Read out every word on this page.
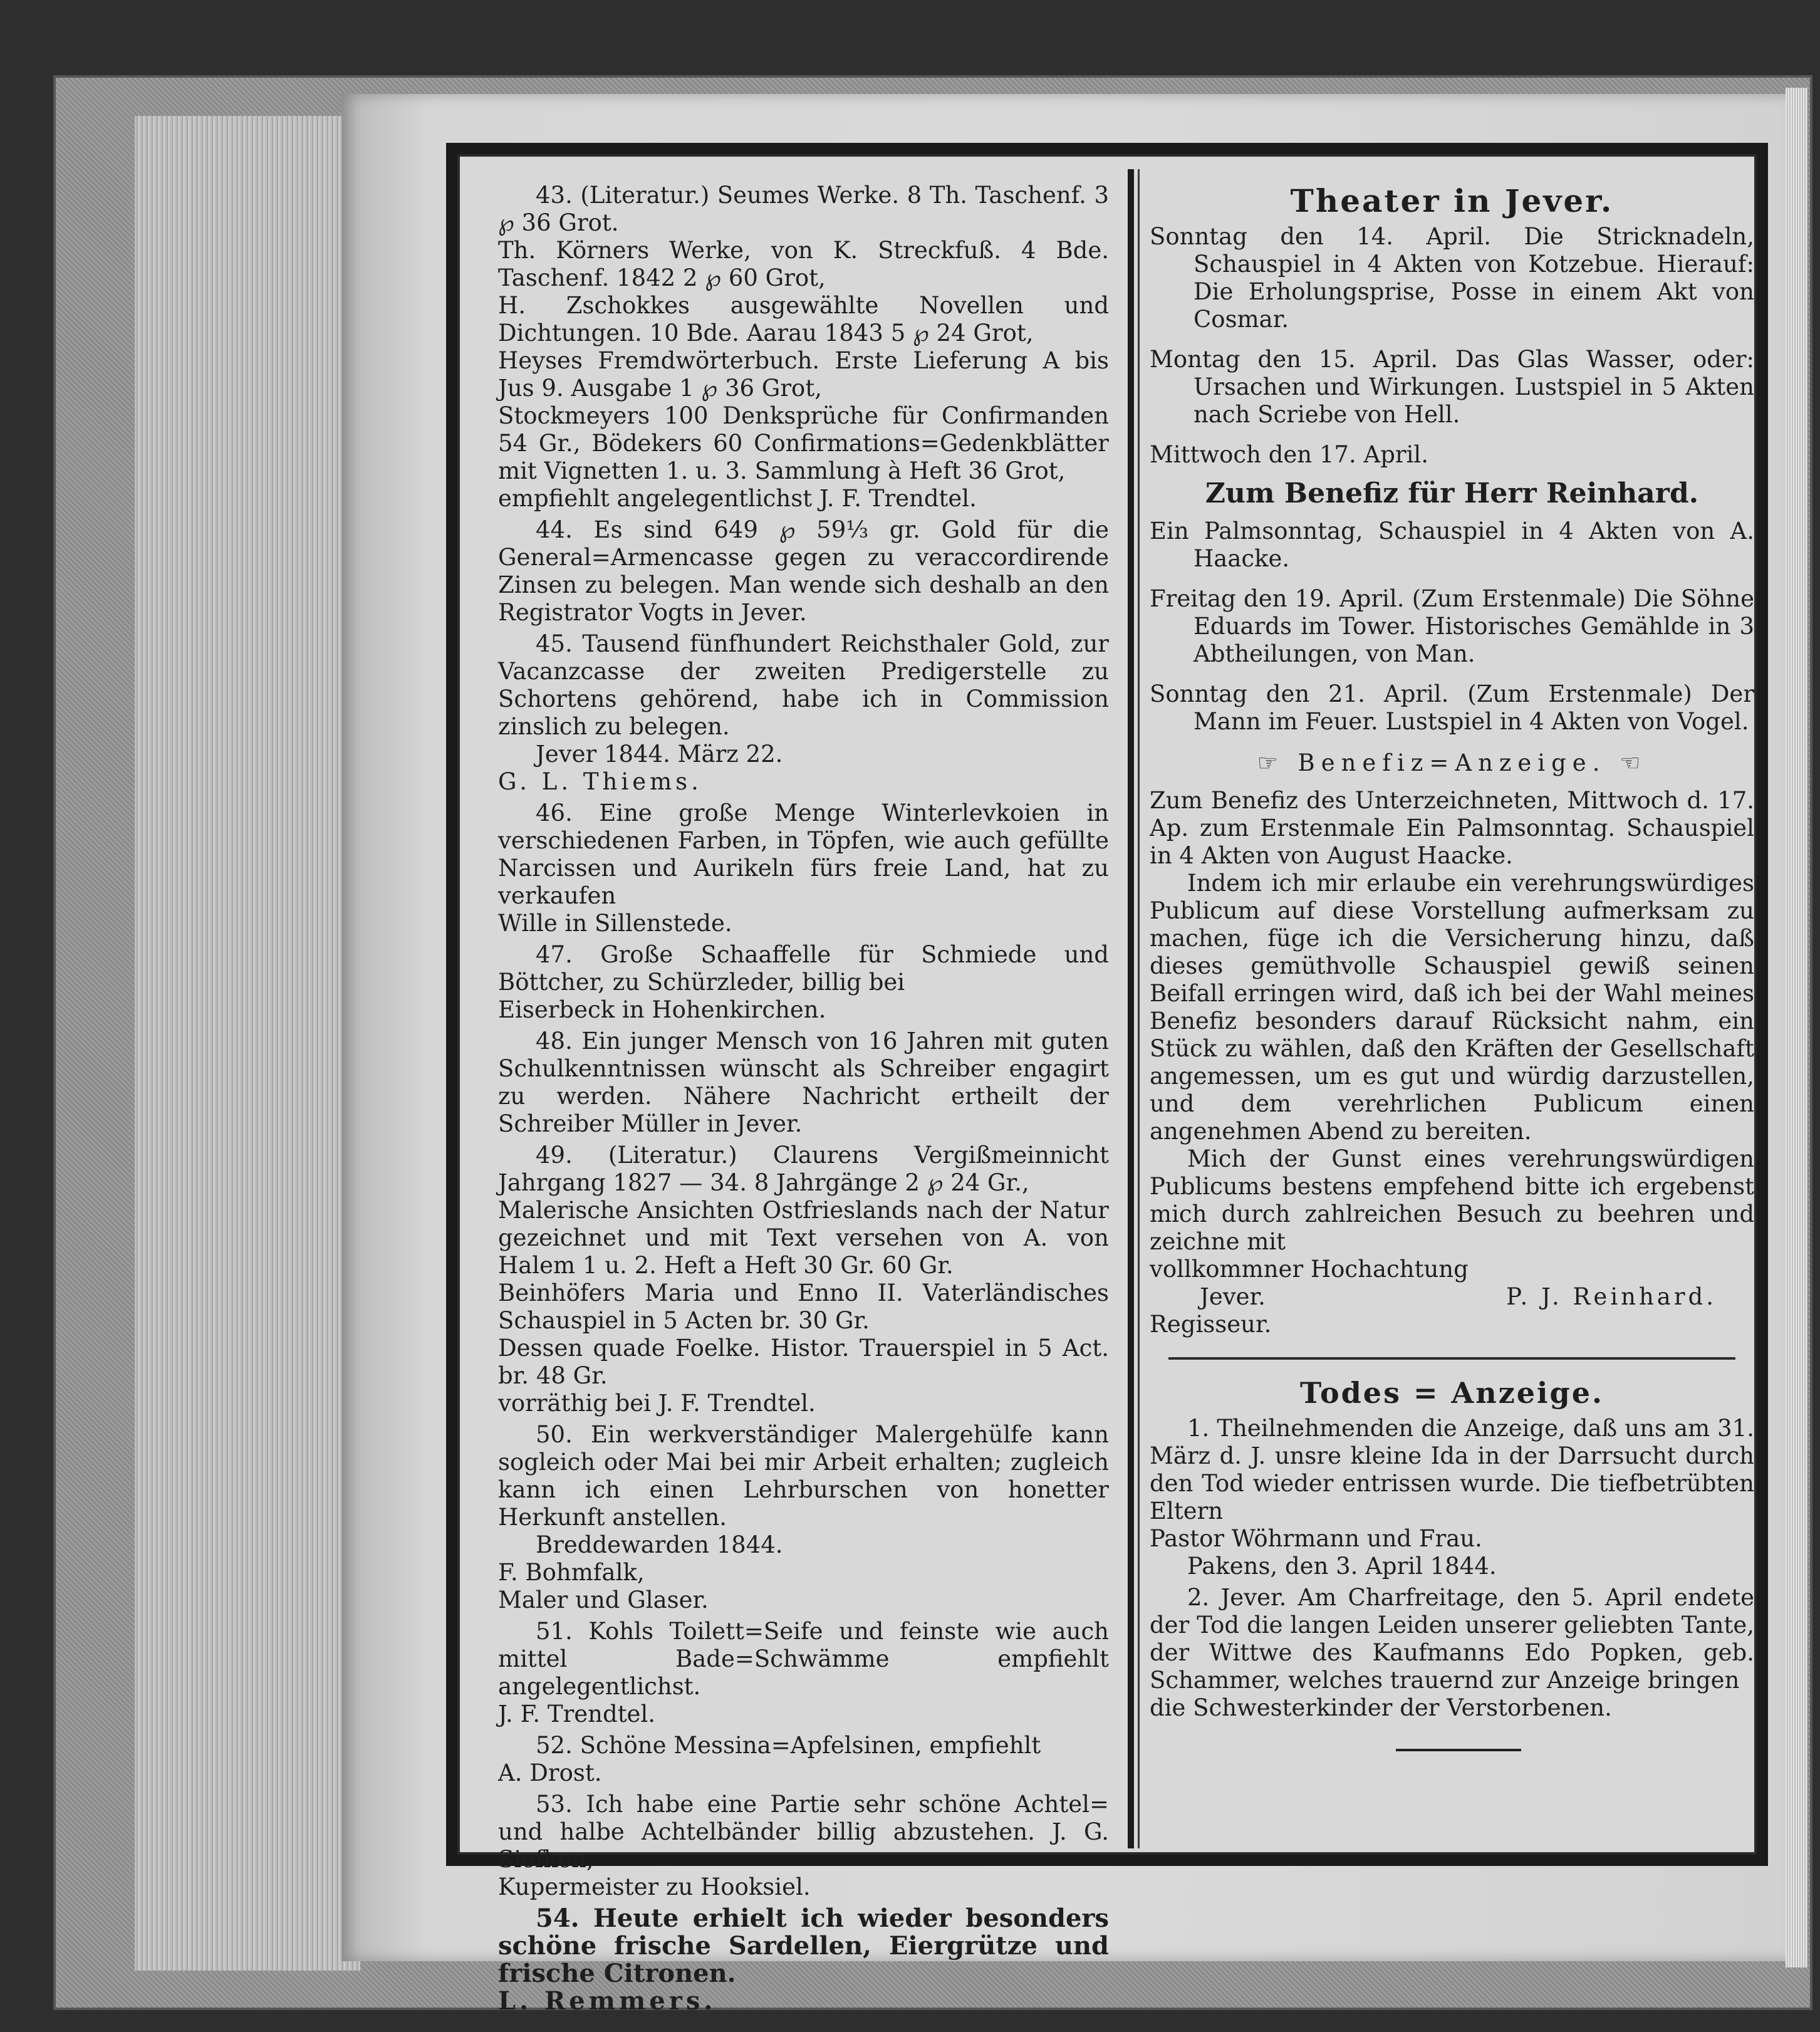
43. (Literatur.) Seumes Werke. 8 Th. Taschenf. 3 ℘ 36 Grot.

Th. Körners Werke, von K. Streckfuß. 4 Bde. Taschenf. 1842 2 ℘ 60 Grot,

H. Zschokkes ausgewählte Novellen und Dichtungen. 10 Bde. Aarau 1843 5 ℘ 24 Grot,

Heyses Fremdwörterbuch. Erste Lieferung A bis Jus 9. Ausgabe 1 ℘ 36 Grot,

Stockmeyers 100 Denksprüche für Confirmanden 54 Gr., Bödekers 60 Confirmations=Gedenkblätter mit Vignetten 1. u. 3. Sammlung à Heft 36 Grot,

empfiehlt angelegentlichst J. F. Trendtel.

44. Es sind 649 ℘ 59⅓ gr. Gold für die General=Armencasse gegen zu veraccordirende Zinsen zu belegen. Man wende sich deshalb an den Registrator Vogts in Jever.

45. Tausend fünfhundert Reichsthaler Gold, zur Vacanzcasse der zweiten Predigerstelle zu Schortens gehörend, habe ich in Commission zinslich zu belegen.

Jever 1844. März 22.

G. L. Thiems.

46. Eine große Menge Winterlevkoien in verschiedenen Farben, in Töpfen, wie auch gefüllte Narcissen und Aurikeln fürs freie Land, hat zu verkaufen

Wille in Sillenstede.

47. Große Schaaffelle für Schmiede und Böttcher, zu Schürzleder, billig bei

Eiserbeck in Hohenkirchen.

48. Ein junger Mensch von 16 Jahren mit guten Schulkenntnissen wünscht als Schreiber engagirt zu werden. Nähere Nachricht ertheilt der Schreiber Müller in Jever.

49. (Literatur.) Claurens Vergißmeinnicht Jahrgang 1827 — 34. 8 Jahrgänge 2 ℘ 24 Gr.,

Malerische Ansichten Ostfrieslands nach der Natur gezeichnet und mit Text versehen von A. von Halem 1 u. 2. Heft a Heft 30 Gr. 60 Gr.

Beinhöfers Maria und Enno II. Vaterländisches Schauspiel in 5 Acten br. 30 Gr.

Dessen quade Foelke. Histor. Trauerspiel in 5 Act. br. 48 Gr.

vorräthig bei J. F. Trendtel.

50. Ein werkverständiger Malergehülfe kann sogleich oder Mai bei mir Arbeit erhalten; zugleich kann ich einen Lehrburschen von honetter Herkunft anstellen.

Breddewarden 1844.

F. Bohmfalk,

Maler und Glaser.

51. Kohls Toilett=Seife und feinste wie auch mittel Bade=Schwämme empfiehlt angelegentlichst.

J. F. Trendtel.

52. Schöne Messina=Apfelsinen, empfiehlt

A. Drost.

53. Ich habe eine Partie sehr schöne Achtel= und halbe Achtelbänder billig abzustehen. J. G. Siefken,

Kupermeister zu Hooksiel.

54. Heute erhielt ich wieder besonders schöne frische Sardellen, Eiergrütze und frische Citronen.

L. Remmers.

Theater in Jever.

Sonntag den 14. April. Die Stricknadeln, Schauspiel in 4 Akten von Kotzebue. Hierauf: Die Erholungsprise, Posse in einem Akt von Cosmar.

Montag den 15. April. Das Glas Wasser, oder: Ursachen und Wirkungen. Lustspiel in 5 Akten nach Scriebe von Hell.

Mittwoch den 17. April.

Zum Benefiz für Herr Reinhard.

Ein Palmsonntag, Schauspiel in 4 Akten von A. Haacke.

Freitag den 19. April. (Zum Erstenmale) Die Söhne Eduards im Tower. Historisches Gemählde in 3 Abtheilungen, von Man.

Sonntag den 21. April. (Zum Erstenmale) Der Mann im Feuer. Lustspiel in 4 Akten von Vogel.

☞ Benefiz=Anzeige. ☜

Zum Benefiz des Unterzeichneten, Mittwoch d. 17. Ap. zum Erstenmale Ein Palmsonntag. Schauspiel in 4 Akten von August Haacke.

Indem ich mir erlaube ein verehrungswürdiges Publicum auf diese Vorstellung aufmerksam zu machen, füge ich die Versicherung hinzu, daß dieses gemüthvolle Schauspiel gewiß seinen Beifall erringen wird, daß ich bei der Wahl meines Benefiz besonders darauf Rücksicht nahm, ein Stück zu wählen, daß den Kräften der Gesellschaft angemessen, um es gut und würdig darzustellen, und dem verehrlichen Publicum einen angenehmen Abend zu bereiten.

Mich der Gunst eines verehrungswürdigen Publicums bestens empfehend bitte ich ergebenst mich durch zahlreichen Besuch zu beehren und zeichne mit

vollkommner Hochachtung

Jever.	P. J. Reinhard.

Regisseur.

Todes = Anzeige.

1. Theilnehmenden die Anzeige, daß uns am 31. März d. J. unsre kleine Ida in der Darrsucht durch den Tod wieder entrissen wurde. Die tiefbetrübten Eltern

Pastor Wöhrmann und Frau.

Pakens, den 3. April 1844.

2. Jever. Am Charfreitage, den 5. April endete der Tod die langen Leiden unserer geliebten Tante, der Wittwe des Kaufmanns Edo Popken, geb. Schammer, welches trauernd zur Anzeige bringen

die Schwesterkinder der Verstorbenen.
